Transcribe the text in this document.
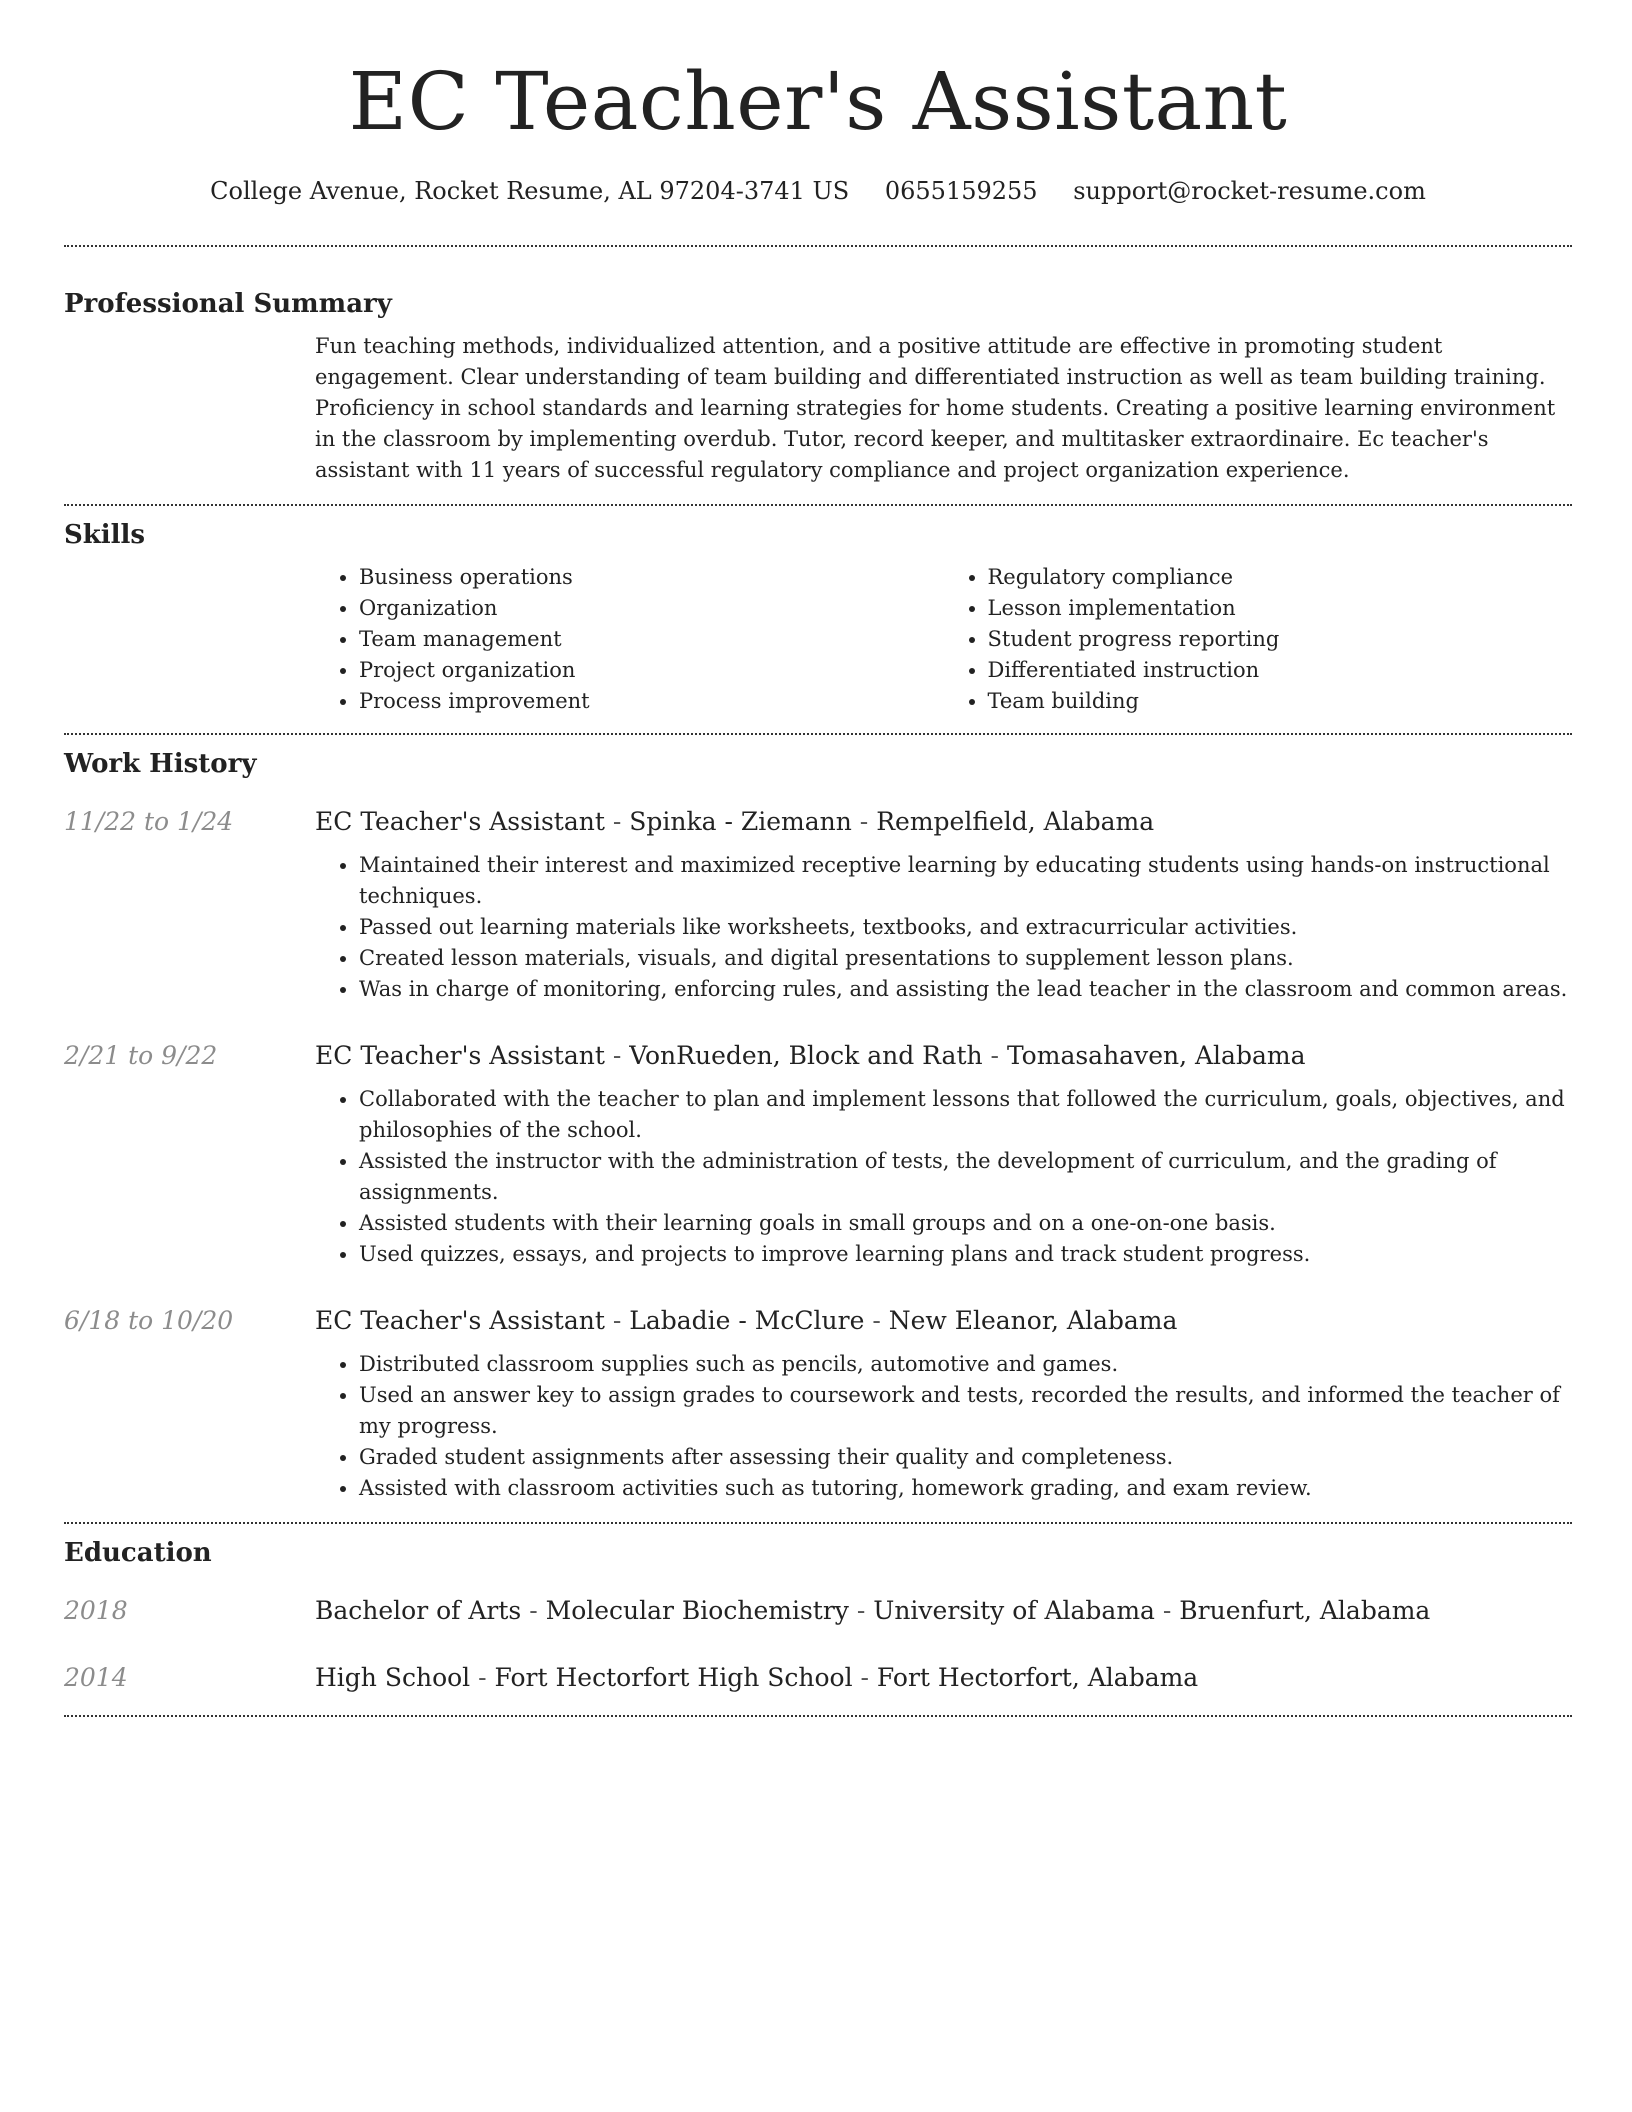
EC Teacher's Assistant
College Avenue, Rocket Resume, AL 97204-3741 US 0655159255 support@rocket-resume.com
Professional Summary
Fun teaching methods, individualized attention, and a positive attitude are effective in promoting student engagement. Clear understanding of team building and differentiated instruction as well as team building training. Proficiency in school standards and learning strategies for home students. Creating a positive learning environment in the classroom by implementing overdub. Tutor, record keeper, and multitasker extraordinaire. Ec teacher's assistant with 11 years of successful regulatory compliance and project organization experience.
Skills
• Business operations
• Organization
• Team management
• Project organization
• Process improvement
• Regulatory compliance
• Lesson implementation
• Student progress reporting
• Differentiated instruction
• Team building
Work History
11/22 to 1/24	EC Teacher's Assistant - Spinka - Ziemann - Rempelfield, Alabama
• Maintained their interest and maximized receptive learning by educating students using hands-on instructional techniques.
• Passed out learning materials like worksheets, textbooks, and extracurricular activities.
• Created lesson materials, visuals, and digital presentations to supplement lesson plans.
• Was in charge of monitoring, enforcing rules, and assisting the lead teacher in the classroom and common areas.
2/21 to 9/22	EC Teacher's Assistant - VonRueden, Block and Rath - Tomasahaven, Alabama
• Collaborated with the teacher to plan and implement lessons that followed the curriculum, goals, objectives, and philosophies of the school.
• Assisted the instructor with the administration of tests, the development of curriculum, and the grading of assignments.
• Assisted students with their learning goals in small groups and on a one-on-one basis.
• Used quizzes, essays, and projects to improve learning plans and track student progress.
6/18 to 10/20	EC Teacher's Assistant - Labadie - McClure - New Eleanor, Alabama
• Distributed classroom supplies such as pencils, automotive and games.
• Used an answer key to assign grades to coursework and tests, recorded the results, and informed the teacher of my progress.
• Graded student assignments after assessing their quality and completeness.
• Assisted with classroom activities such as tutoring, homework grading, and exam review.
Education
2018	Bachelor of Arts - Molecular Biochemistry - University of Alabama - Bruenfurt, Alabama
2014	High School - Fort Hectorfort High School - Fort Hectorfort, Alabama
